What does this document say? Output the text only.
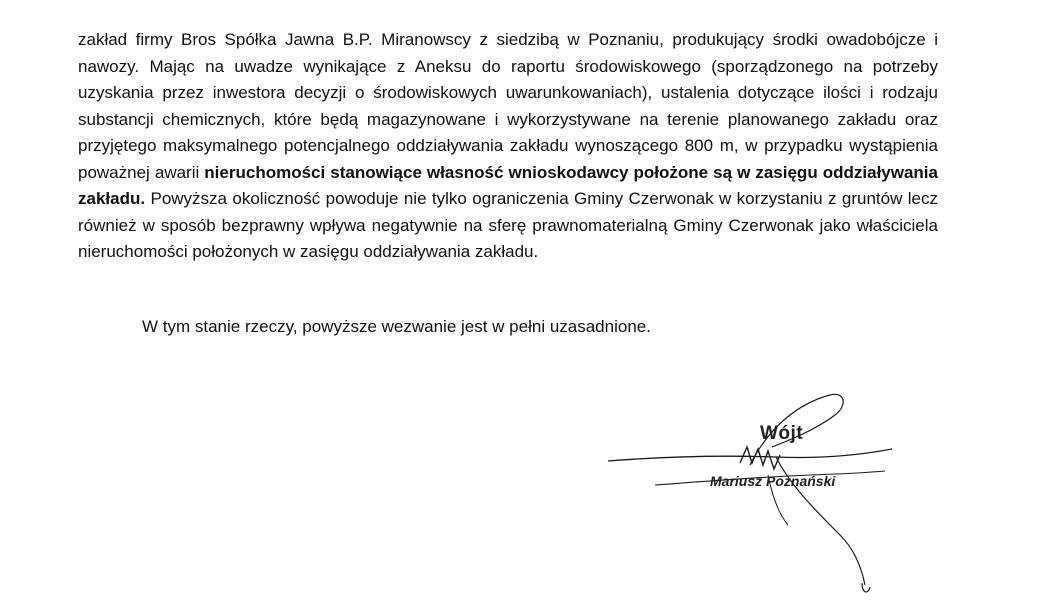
zakład firmy Bros Spółka Jawna B.P. Miranowscy z siedzibą w Poznaniu, produkujący środki owadobójcze i nawozy. Mając na uwadze wynikające z Aneksu do raportu środowiskowego (sporządzonego na potrzeby uzyskania przez inwestora decyzji o środowiskowych uwarunkowaniach), ustalenia dotyczące ilości i rodzaju substancji chemicznych, które będą magazynowane i wykorzystywane na terenie planowanego zakładu oraz przyjętego maksymalnego potencjalnego oddziaływania zakładu wynoszącego 800 m, w przypadku wystąpienia poważnej awarii nieruchomości stanowiące własność wnioskodawcy położone są w zasięgu oddziaływania zakładu. Powyższa okoliczność powoduje nie tylko ograniczenia Gminy Czerwonak w korzystaniu z gruntów lecz również w sposób bezprawny wpływa negatywnie na sferę prawnomaterialną Gminy Czerwonak jako właściciela nieruchomości położonych w zasięgu oddziaływania zakładu.

W tym stanie rzeczy, powyższe wezwanie jest w pełni uzasadnione.
Wójt
Mariusz Poznański
